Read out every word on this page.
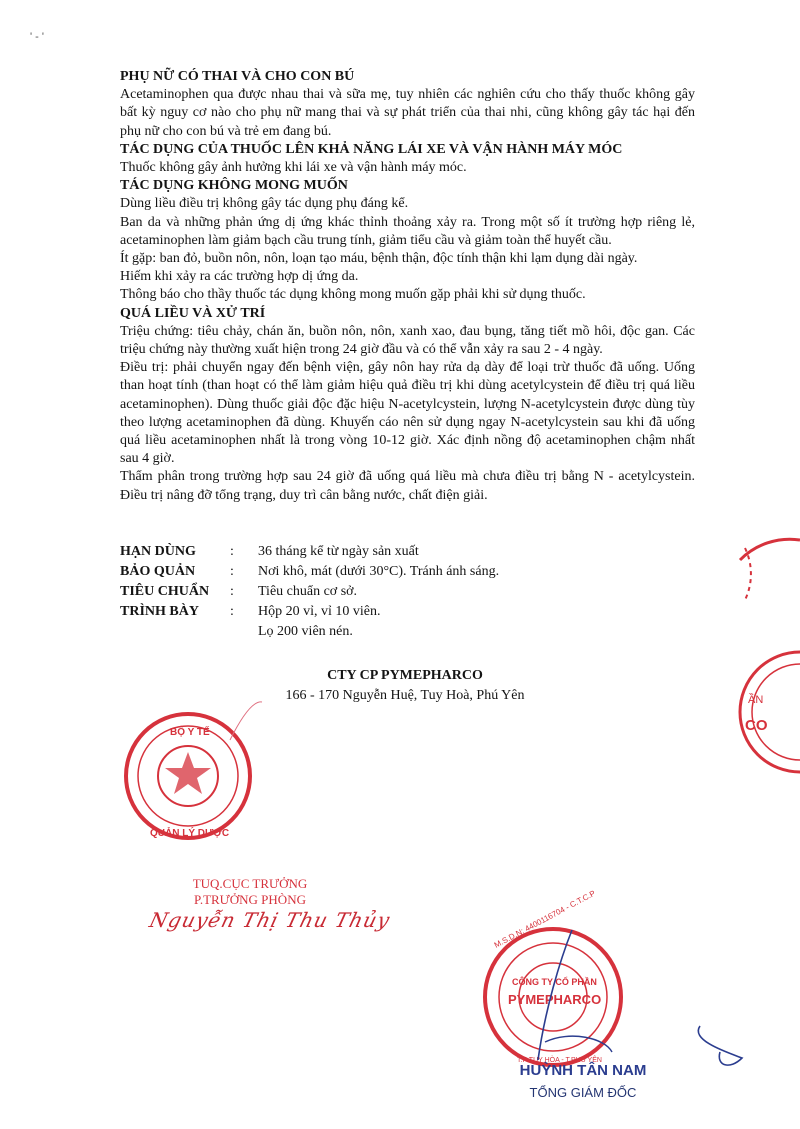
ẦN
CO
BỘ Y TẾ
QUẢN LÝ DƯỢC
CÔNG TY CỔ PHẦN
PYMEPHARCO
M.S.D.N: 4400116704 - C.T.C.P
T.P TUY HÒA - T.PHÚ YÊN
' - '
PHỤ NỮ CÓ THAI VÀ CHO CON BÚ
Acetaminophen qua được nhau thai và sữa mẹ, tuy nhiên các nghiên cứu cho thấy thuốc không gây bất kỳ nguy cơ nào cho phụ nữ mang thai và sự phát triển của thai nhi, cũng không gây tác hại đến phụ nữ cho con bú và trẻ em đang bú.
TÁC DỤNG CỦA THUỐC LÊN KHẢ NĂNG LÁI XE VÀ VẬN HÀNH MÁY MÓC
Thuốc không gây ảnh hưởng khi lái xe và vận hành máy móc.
TÁC DỤNG KHÔNG MONG MUỐN
Dùng liều điều trị không gây tác dụng phụ đáng kể.
Ban da và những phản ứng dị ứng khác thỉnh thoảng xảy ra. Trong một số ít trường hợp riêng lẻ, acetaminophen làm giảm bạch cầu trung tính, giảm tiểu cầu và giảm toàn thể huyết cầu.
Ít gặp: ban đỏ, buồn nôn, nôn, loạn tạo máu, bệnh thận, độc tính thận khi lạm dụng dài ngày.
Hiếm khi xảy ra các trường hợp dị ứng da.
Thông báo cho thầy thuốc tác dụng không mong muốn gặp phải khi sử dụng thuốc.
QUÁ LIỀU VÀ XỬ TRÍ
Triệu chứng: tiêu chảy, chán ăn, buồn nôn, nôn, xanh xao, đau bụng, tăng tiết mồ hôi, độc gan. Các triệu chứng này thường xuất hiện trong 24 giờ đầu và có thể vẫn xảy ra sau 2 - 4 ngày.
Điều trị: phải chuyển ngay đến bệnh viện, gây nôn hay rửa dạ dày để loại trừ thuốc đã uống. Uống than hoạt tính (than hoạt có thể làm giảm hiệu quả điều trị khi dùng acetylcystein để điều trị quá liều acetaminophen). Dùng thuốc giải độc đặc hiệu N-acetylcystein, lượng N-acetylcystein được dùng tùy theo lượng acetaminophen đã dùng. Khuyến cáo nên sử dụng ngay N-acetylcystein sau khi đã uống quá liều acetaminophen nhất là trong vòng 10-12 giờ. Xác định nồng độ acetaminophen chậm nhất sau 4 giờ.
Thẩm phân trong trường hợp sau 24 giờ đã uống quá liều mà chưa điều trị bằng N - acetylcystein. Điều trị nâng đỡ tổng trạng, duy trì cân bằng nước, chất điện giải.
HẠN DÙNG	:	36 tháng kể từ ngày sản xuất
BẢO QUẢN	:	Nơi khô, mát (dưới 30°C). Tránh ánh sáng.
TIÊU CHUẨN	:	Tiêu chuẩn cơ sở.
TRÌNH BÀY	:	Hộp 20 vỉ, vỉ 10 viên.
Lọ 200 viên nén.
CTY CP PYMEPHARCO
166 - 170 Nguyễn Huệ, Tuy Hoà, Phú Yên
TUQ.CỤC TRƯỞNG
P.TRƯỞNG PHÒNG
Nguyễn Thị Thu Thủy
HUỲNH TÂN NAM
TỔNG GIÁM ĐỐC
